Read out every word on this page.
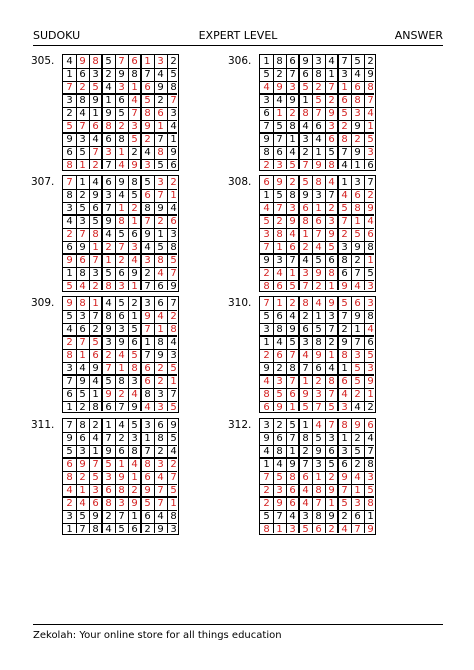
SUDOKU	EXPERT LEVEL	ANSWER
305.	4 9 8 5 7 6 1 3 2
1 6 3 2 9 8 7 4 5
7 2 5 4 3 1 6 9 8
3 8 9 1 6 4 5 2 7
2 4 1 9 5 7 8 6 3
5 7 6 8 2 3 9 1 4
9 3 4 6 8 5 2 7 1
6 5 7 3 1 2 4 8 9
8 1 2 7 4 9 3 5 6
306.	1 8 6 9 3 4 7 5 2
5 2 7 6 8 1 3 4 9
4 9 3 5 2 7 1 6 8
3 4 9 1 5 2 6 8 7
6 1 2 8 7 9 5 3 4
7 5 8 4 6 3 2 9 1
9 7 1 3 4 6 8 2 5
8 6 4 2 1 5 7 9 3
2 3 5 7 9 8 4 1 6
307.	7 1 4 6 9 8 5 3 2
8 2 9 3 4 5 6 7 1
3 5 6 7 1 2 8 9 4
4 3 5 9 8 1 7 2 6
2 7 8 4 5 6 9 1 3
6 9 1 2 7 3 4 5 8
9 6 7 1 2 4 3 8 5
1 8 3 5 6 9 2 4 7
5 4 2 8 3 1 7 6 9
308.	6 9 2 5 8 4 1 3 7
1 5 8 9 3 7 4 6 2
4 7 3 6 1 2 5 8 9
5 2 9 8 6 3 7 1 4
3 8 4 1 7 9 2 5 6
7 1 6 2 4 5 3 9 8
9 3 7 4 5 6 8 2 1
2 4 1 3 9 8 6 7 5
8 6 5 7 2 1 9 4 3
309.	9 8 1 4 5 2 3 6 7
5 3 7 8 6 1 9 4 2
4 6 2 9 3 5 7 1 8
2 7 5 3 9 6 1 8 4
8 1 6 2 4 5 7 9 3
3 4 9 7 1 8 6 2 5
7 9 4 5 8 3 6 2 1
6 5 1 9 2 4 8 3 7
1 2 8 6 7 9 4 3 5
310.	7 1 2 8 4 9 5 6 3
5 6 4 2 1 3 7 9 8
3 8 9 6 5 7 2 1 4
1 4 5 3 8 2 9 7 6
2 6 7 4 9 1 8 3 5
9 2 8 7 6 4 1 5 3
4 3 7 1 2 8 6 5 9
8 5 6 9 3 7 4 2 1
6 9 1 5 7 5 3 4 2
311.	7 8 2 1 4 5 3 6 9
9 6 4 7 2 3 1 8 5
5 3 1 9 6 8 7 2 4
6 9 7 5 1 4 8 3 2
8 2 5 3 9 1 6 4 7
4 1 3 6 8 2 9 7 5
2 4 6 8 3 9 5 7 1
3 5 9 2 7 1 6 4 8
1 7 8 4 5 6 2 9 3
312.	3 2 5 1 4 7 8 9 6
9 6 7 8 5 3 1 2 4
4 8 1 2 9 6 3 5 7
1 4 9 7 3 5 6 2 8
7 5 8 6 1 2 9 4 3
2 3 6 4 8 9 7 1 5
2 9 6 4 7 1 5 3 8
5 7 4 3 8 9 2 6 1
8 1 3 5 6 2 4 7 9
Zekolah: Your online store for all things education
